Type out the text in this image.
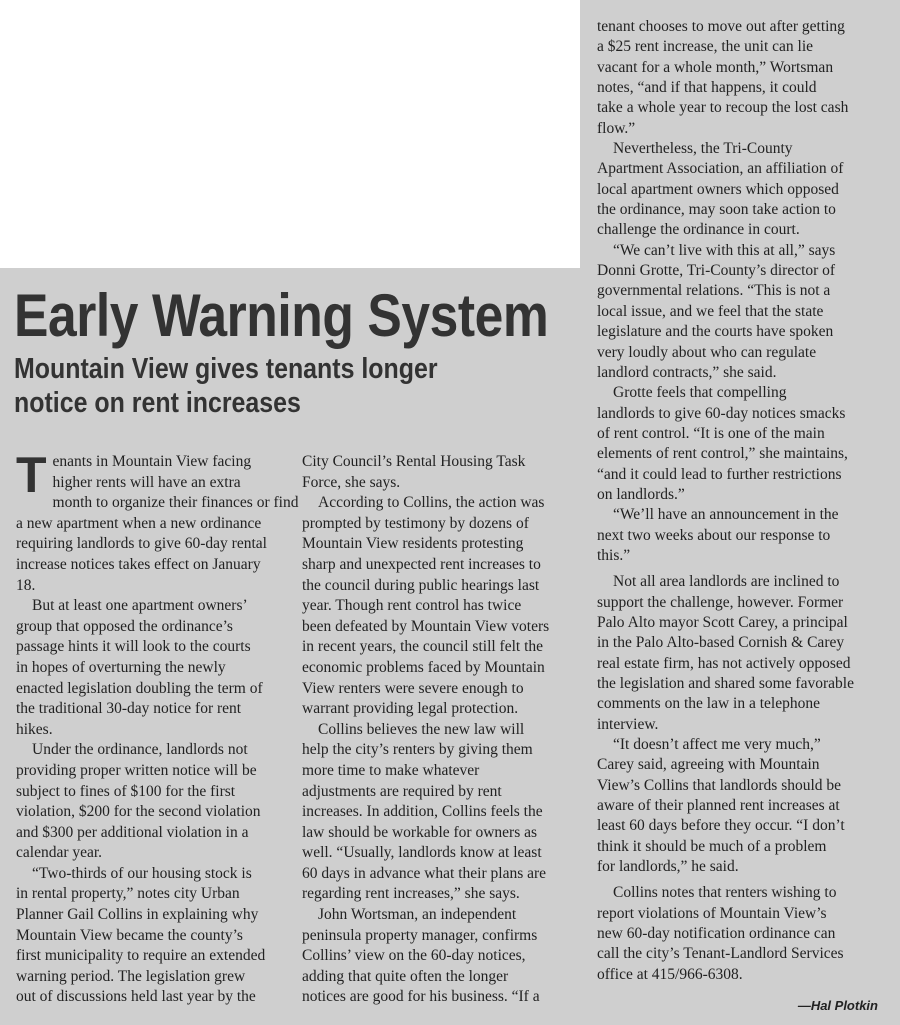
Early Warning System
Mountain View gives tenants longer
notice on rent increases
T enants in Mountain View facing
higher rents will have an extra
month to organize their finances or find
a new apartment when a new ordinance
requiring landlords to give 60-day rental
increase notices takes effect on January
18.
But at least one apartment owners’
group that opposed the ordinance’s
passage hints it will look to the courts
in hopes of overturning the newly
enacted legislation doubling the term of
the traditional 30-day notice for rent
hikes.
Under the ordinance, landlords not
providing proper written notice will be
subject to fines of $100 for the first
violation, $200 for the second violation
and $300 per additional violation in a
calendar year.
“Two-thirds of our housing stock is
in rental property,” notes city Urban
Planner Gail Collins in explaining why
Mountain View became the county’s
first municipality to require an extended
warning period. The legislation grew
out of discussions held last year by the
City Council’s Rental Housing Task
Force, she says.
According to Collins, the action was
prompted by testimony by dozens of
Mountain View residents protesting
sharp and unexpected rent increases to
the council during public hearings last
year. Though rent control has twice
been defeated by Mountain View voters
in recent years, the council still felt the
economic problems faced by Mountain
View renters were severe enough to
warrant providing legal protection.
Collins believes the new law will
help the city’s renters by giving them
more time to make whatever
adjustments are required by rent
increases. In addition, Collins feels the
law should be workable for owners as
well. “Usually, landlords know at least
60 days in advance what their plans are
regarding rent increases,” she says.
John Wortsman, an independent
peninsula property manager, confirms
Collins’ view on the 60-day notices,
adding that quite often the longer
notices are good for his business. “If a
tenant chooses to move out after getting
a $25 rent increase, the unit can lie
vacant for a whole month,” Wortsman
notes, “and if that happens, it could
take a whole year to recoup the lost cash
flow.”
Nevertheless, the Tri-County
Apartment Association, an affiliation of
local apartment owners which opposed
the ordinance, may soon take action to
challenge the ordinance in court.
“We can’t live with this at all,” says
Donni Grotte, Tri-County’s director of
governmental relations. “This is not a
local issue, and we feel that the state
legislature and the courts have spoken
very loudly about who can regulate
landlord contracts,” she said.
Grotte feels that compelling
landlords to give 60-day notices smacks
of rent control. “It is one of the main
elements of rent control,” she maintains,
“and it could lead to further restrictions
on landlords.”
“We’ll have an announcement in the
next two weeks about our response to
this.”
Not all area landlords are inclined to
support the challenge, however. Former
Palo Alto mayor Scott Carey, a principal
in the Palo Alto-based Cornish & Carey
real estate firm, has not actively opposed
the legislation and shared some favorable
comments on the law in a telephone
interview.
“It doesn’t affect me very much,”
Carey said, agreeing with Mountain
View’s Collins that landlords should be
aware of their planned rent increases at
least 60 days before they occur. “I don’t
think it should be much of a problem
for landlords,” he said.
Collins notes that renters wishing to
report violations of Mountain View’s
new 60-day notification ordinance can
call the city’s Tenant-Landlord Services
office at 415/966-6308.
—Hal Plotkin
